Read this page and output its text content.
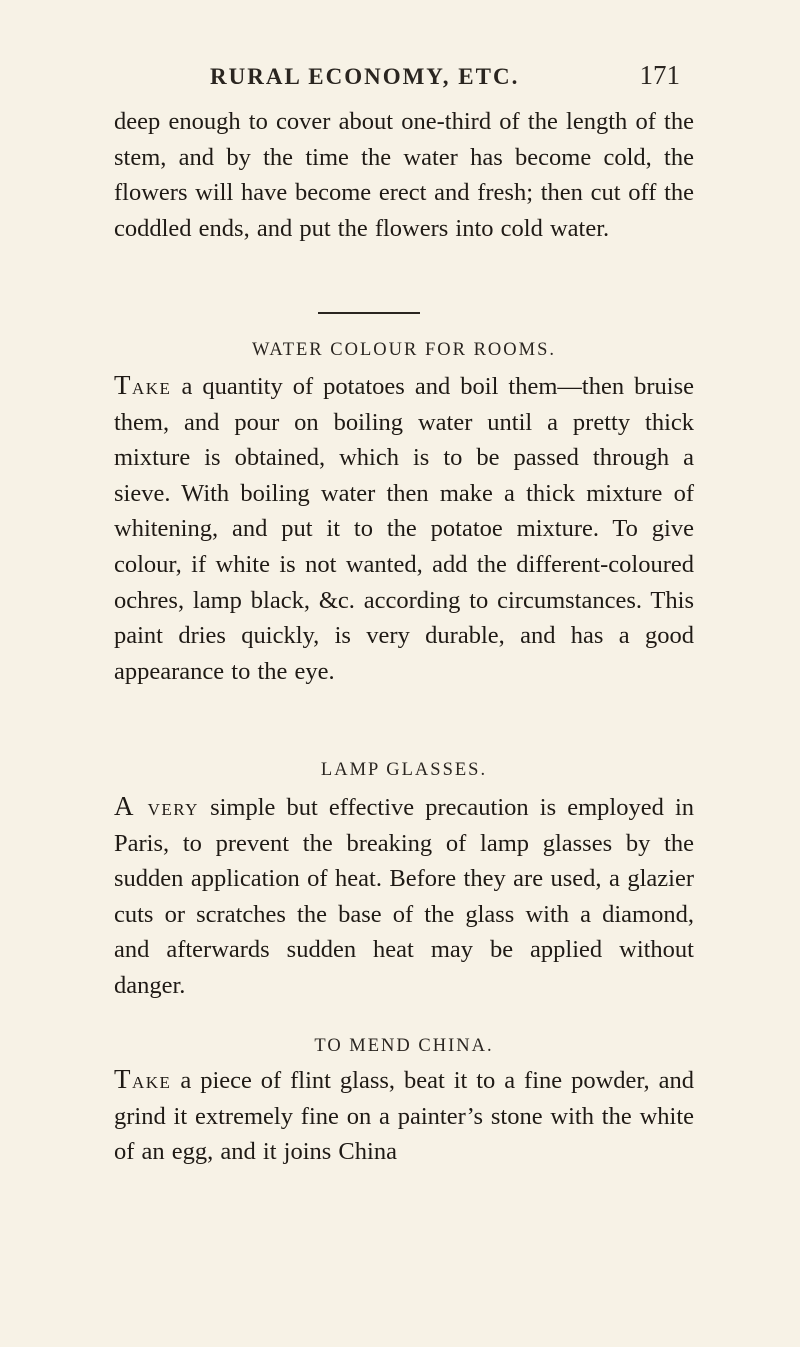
RURAL ECONOMY, ETC.	171

deep enough to cover about one-third of the length of the stem, and by the time the water has become cold, the flowers will have become erect and fresh; then cut off the coddled ends, and put the flowers into cold water.

WATER COLOUR FOR ROOMS.

Take a quantity of potatoes and boil them—then bruise them, and pour on boiling water until a pretty thick mixture is obtained, which is to be passed through a sieve. With boiling water then make a thick mixture of whitening, and put it to the potatoe mixture. To give colour, if white is not wanted, add the different-coloured ochres, lamp black, &c. according to circumstances. This paint dries quickly, is very durable, and has a good appearance to the eye.

LAMP GLASSES.

A very simple but effective precaution is employed in Paris, to prevent the breaking of lamp glasses by the sudden application of heat. Before they are used, a glazier cuts or scratches the base of the glass with a diamond, and afterwards sudden heat may be applied without danger.

TO MEND CHINA.

Take a piece of flint glass, beat it to a fine powder, and grind it extremely fine on a painter’s stone with the white of an egg, and it joins China
